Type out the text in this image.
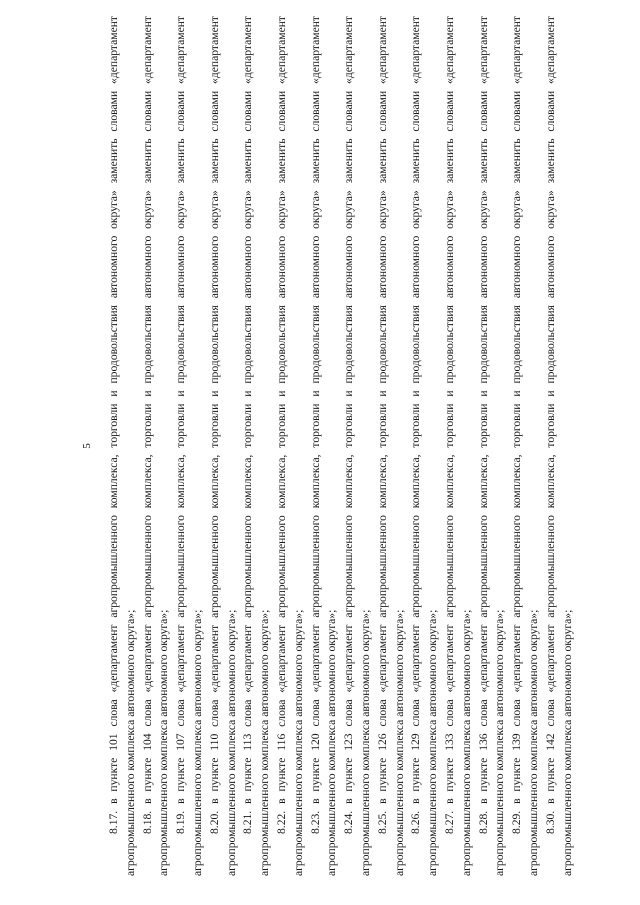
5 8.17. в пункте 101 слова «департамент агропромышленного комплекса, торговли и продовольствия автономного округа» заменить словами «департамент агропромышленного комплекса автономного округа»; 8.18. в пункте 104 слова «департамент агропромышленного комплекса, торговли и продовольствия автономного округа» заменить словами «департамент агропромышленного комплекса автономного округа»; 8.19. в пункте 107 слова «департамент агропромышленного комплекса, торговли и продовольствия автономного округа» заменить словами «департамент агропромышленного комплекса автономного округа»; 8.20. в пункте 110 слова «департамент агропромышленного комплекса, торговли и продовольствия автономного округа» заменить словами «департамент агропромышленного комплекса автономного округа»; 8.21. в пункте 113 слова «департамент агропромышленного комплекса, торговли и продовольствия автономного округа» заменить словами «департамент агропромышленного комплекса автономного округа»; 8.22. в пункте 116 слова «департамент агропромышленного комплекса, торговли и продовольствия автономного округа» заменить словами «департамент агропромышленного комплекса автономного округа»; 8.23. в пункте 120 слова «департамент агропромышленного комплекса, торговли и продовольствия автономного округа» заменить словами «департамент агропромышленного комплекса автономного округа»; 8.24. в пункте 123 слова «департамент агропромышленного комплекса, торговли и продовольствия автономного округа» заменить словами «департамент агропромышленного комплекса автономного округа»; 8.25. в пункте 126 слова «департамент агропромышленного комплекса, торговли и продовольствия автономного округа» заменить словами «департамент агропромышленного комплекса автономного округа»; 8.26. в пункте 129 слова «департамент агропромышленного комплекса, торговли и продовольствия автономного округа» заменить словами «департамент агропромышленного комплекса автономного округа»; 8.27. в пункте 133 слова «департамент агропромышленного комплекса, торговли и продовольствия автономного округа» заменить словами «департамент агропромышленного комплекса автономного округа»; 8.28. в пункте 136 слова «департамент агропромышленного комплекса, торговли и продовольствия автономного округа» заменить словами «департамент агропромышленного комплекса автономного округа»; 8.29. в пункте 139 слова «департамент агропромышленного комплекса, торговли и продовольствия автономного округа» заменить словами «департамент агропромышленного комплекса автономного округа»; 8.30. в пункте 142 слова «департамент агропромышленного комплекса, торговли и продовольствия автономного округа» заменить словами «департамент агропромышленного комплекса автономного округа»;
